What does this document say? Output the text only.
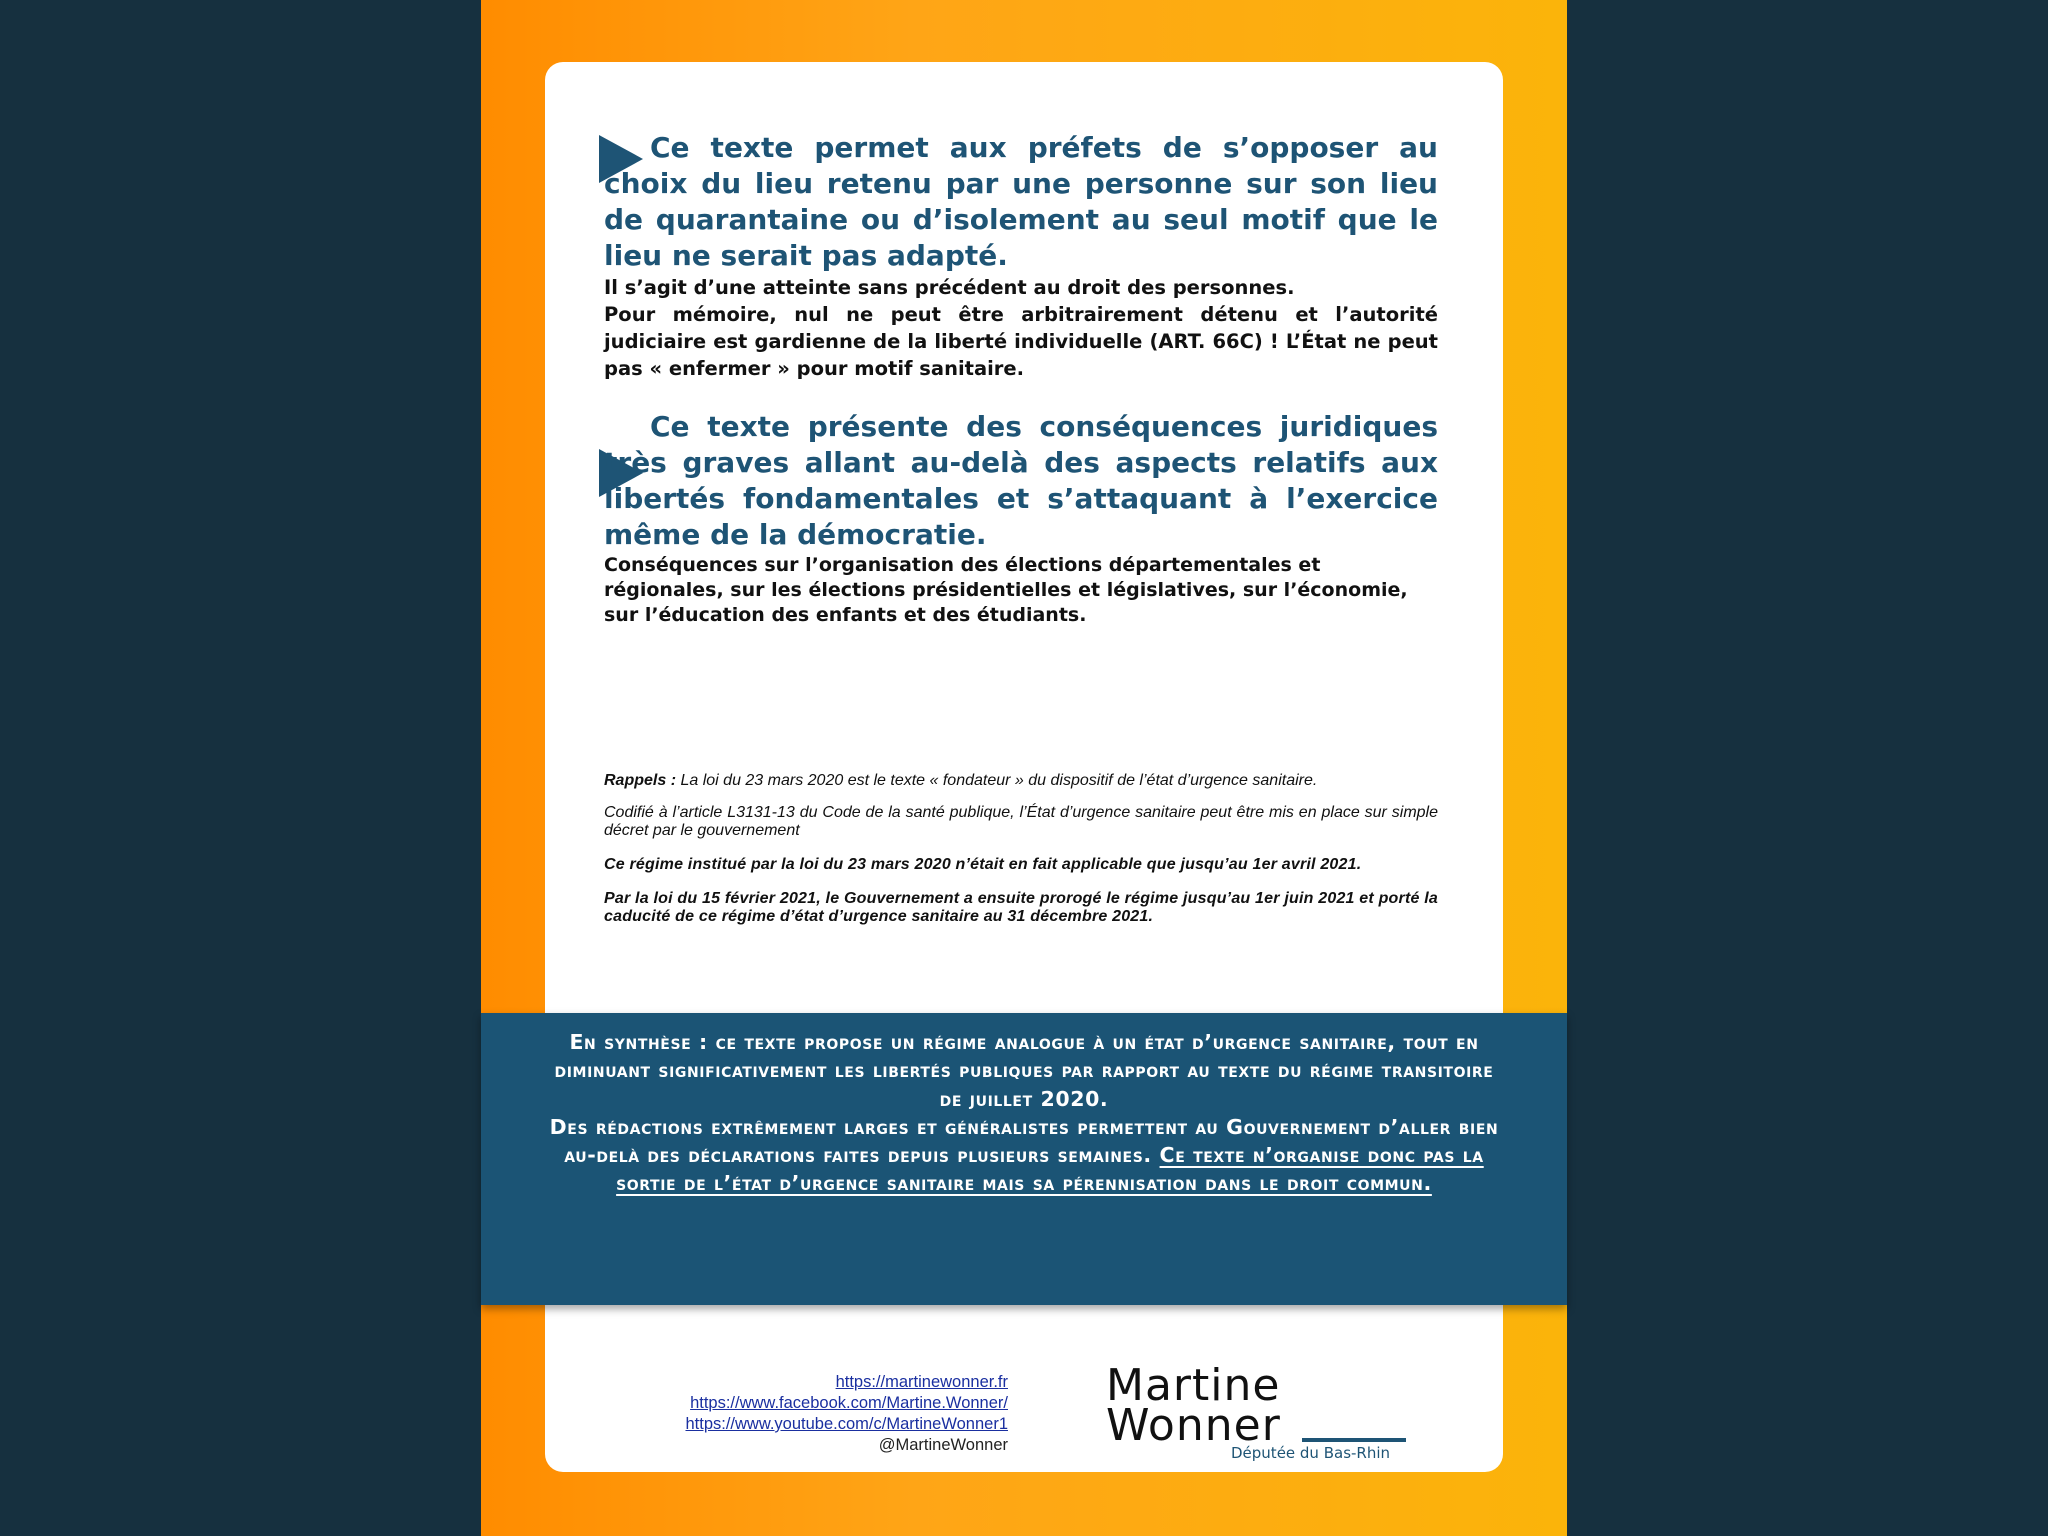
Ce texte permet aux préfets de s’opposer au choix du lieu retenu par une personne sur son lieu de quarantaine ou d’isolement au seul motif que le lieu ne serait pas adapté.

Il s’agit d’une atteinte sans précédent au droit des personnes.

Pour mémoire, nul ne peut être arbitrairement détenu et l’autorité judiciaire est gardienne de la liberté individuelle (ART. 66C) ! L’État ne peut pas « enfermer » pour motif sanitaire.

Ce texte présente des conséquences juridiques très graves allant au-delà des aspects relatifs aux libertés fondamentales et s’attaquant à l’exercice même de la démocratie.

Conséquences sur l’organisation des élections départementales et régionales, sur les élections présidentielles et législatives, sur l’économie, sur l’éducation des enfants et des étudiants.

Rappels : La loi du 23 mars 2020 est le texte « fondateur » du dispositif de l’état d’urgence sanitaire.

Codifié à l’article L3131-13 du Code de la santé publique, l’État d’urgence sanitaire peut être mis en place sur simple décret par le gouvernement

Ce régime institué par la loi du 23 mars 2020 n’était en fait applicable que jusqu’au 1er avril 2021.

Par la loi du 15 février 2021, le Gouvernement a ensuite prorogé le régime jusqu’au 1er juin 2021 et porté la caducité de ce régime d’état d’urgence sanitaire au 31 décembre 2021.

En synthèse : ce texte propose un régime analogue à un état d’urgence sanitaire, tout en diminuant significativement les libertés publiques par rapport au texte du régime transitoire de juillet 2020.
Des rédactions extrêmement larges et généralistes permettent au Gouvernement d’aller bien au-delà des déclarations faites depuis plusieurs semaines. Ce texte n’organise donc pas la sortie de l’état d’urgence sanitaire mais sa pérennisation dans le droit commun.
https://martinewonner.fr
https://www.facebook.com/Martine.Wonner/
https://www.youtube.com/c/MartineWonner1
@MartineWonner
Martine
Wonner
Députée du Bas-Rhin
